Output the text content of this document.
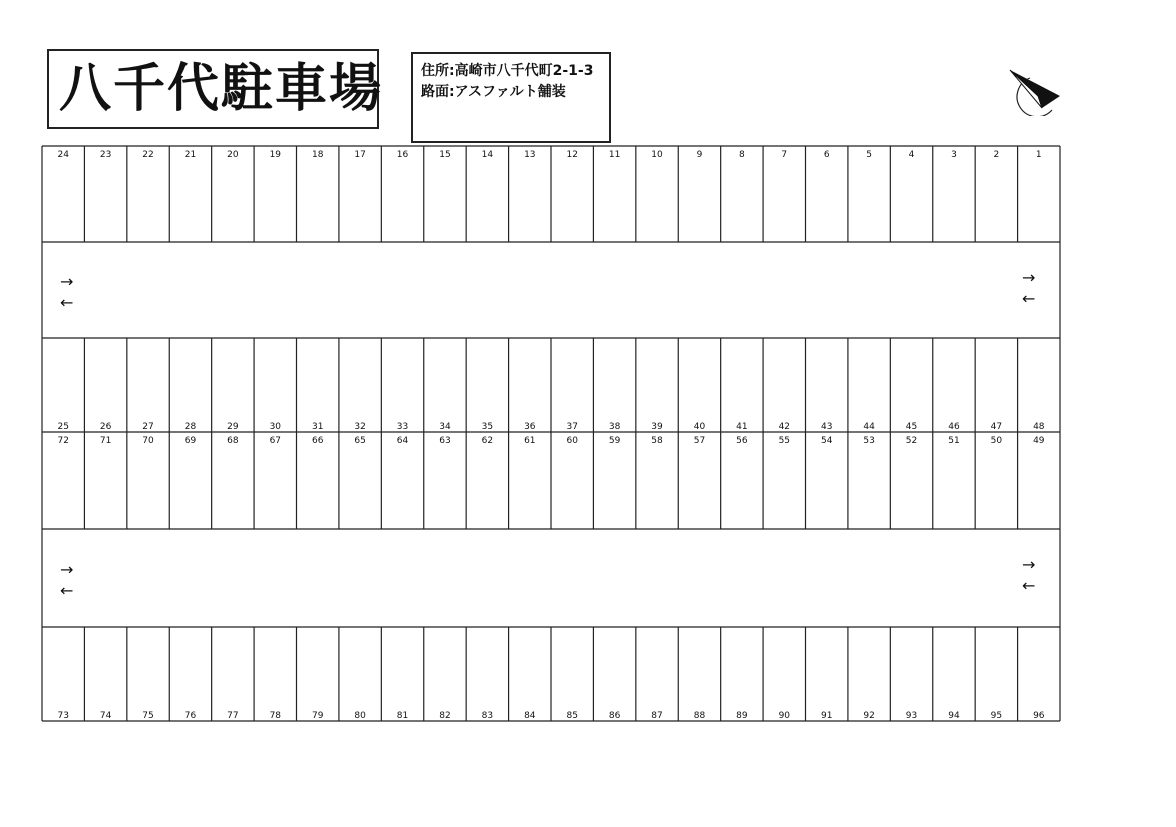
八千代駐車場	住所:高崎市八千代町2-1-3
路面:アスファルト舗装
24	23	22	21	20	19	18	17	16	15	14	13	12	11	10	9	8	7	6	5	4	3	2	1
25	26	27	28	29	30	31	32	33	34	35	36	37	38	39	40	41	42	43	44	45	46	47	48
72	71	70	69	68	67	66	65	64	63	62	61	60	59	58	57	56	55	54	53	52	51	50	49
73	74	75	76	77	78	79	80	81	82	83	84	85	86	87	88	89	90	91	92	93	94	95	96
→
←
→
←
→
←
→
←
